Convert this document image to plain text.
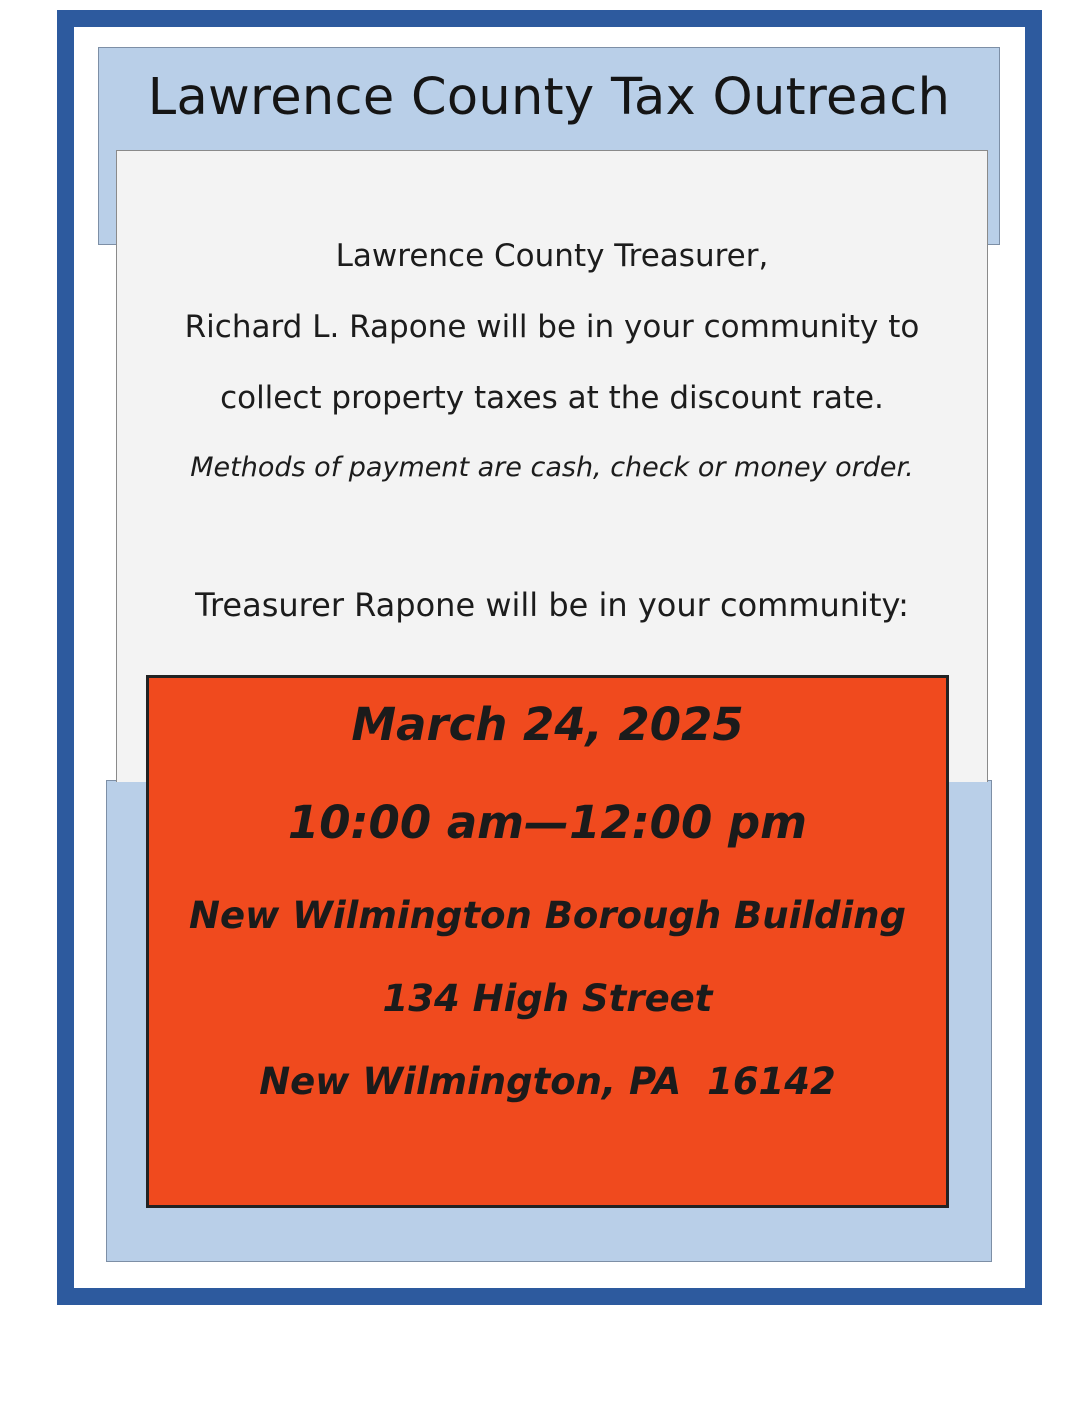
Lawrence County Tax Outreach

Lawrence County Treasurer,

Richard L. Rapone will be in your community to

collect property taxes at the discount rate.

Methods of payment are cash, check or money order.

Treasurer Rapone will be in your community:

March 24, 2025

10:00 am—12:00 pm

New Wilmington Borough Building

134 High Street

New Wilmington, PA  16142
